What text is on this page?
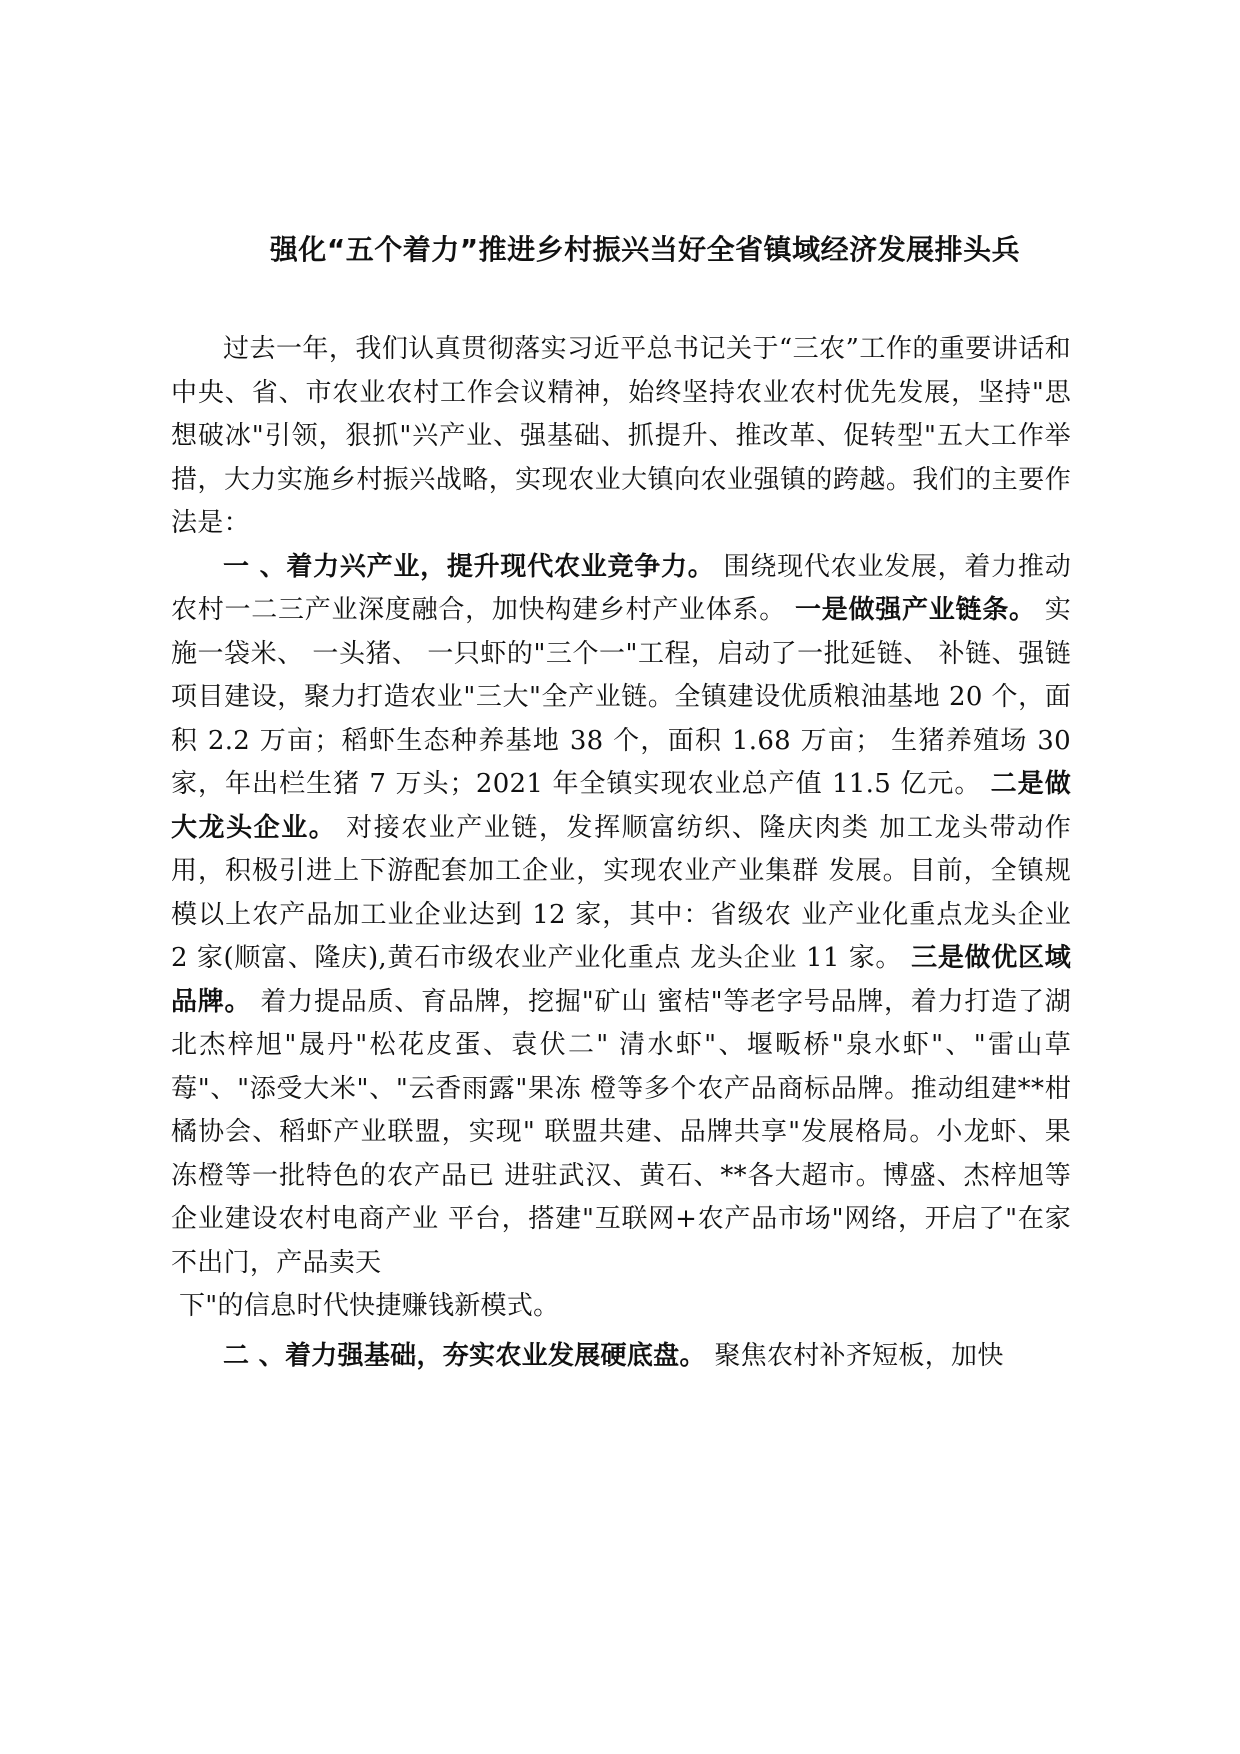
强化“五个着力”推进乡村振兴当好全省镇域经济发展排头兵

过去一年，我们认真贯彻落实习近平总书记关于“三农”工作的重要讲话和中央、省、市农业农村工作会议精神，始终坚持农业农村优先发展，坚持"思想破冰"引领，狠抓"兴产业、强基础、抓提升、推改革、促转型"五大工作举措，大力实施乡村振兴战略，实现农业大镇向农业强镇的跨越。我们的主要作法是：

一 、着力兴产业，提升现代农业竞争力。 围绕现代农业发展，着力推动农村一二三产业深度融合，加快构建乡村产业体系。 一是做强产业链条。 实施一袋米、 一头猪、 一只虾的"三个一"工程，启动了一批延链、 补链、强链项目建设，聚力打造农业"三大"全产业链。全镇建设优质粮油基地 20 个，面积 2.2 万亩；稻虾生态种养基地 38 个，面积 1.68 万亩； 生猪养殖场 30 家，年出栏生猪 7 万头；2021 年全镇实现农业总产值 11.5 亿元。 二是做大龙头企业。 对接农业产业链，发挥顺富纺织、隆庆肉类 加工龙头带动作用，积极引进上下游配套加工企业，实现农业产业集群 发展。目前，全镇规模以上农产品加工业企业达到 12 家，其中：省级农 业产业化重点龙头企业 2 家(顺富、隆庆),黄石市级农业产业化重点 龙头企业 11 家。 三是做优区域品牌。 着力提品质、育品牌，挖掘"矿山 蜜桔"等老字号品牌，着力打造了湖北杰梓旭"晟丹"松花皮蛋、袁伏二" 清水虾"、堰畈桥"泉水虾"、"雷山草莓"、"添受大米"、"云香雨露"果冻 橙等多个农产品商标品牌。推动组建**柑橘协会、稻虾产业联盟，实现" 联盟共建、品牌共享"发展格局。小龙虾、果冻橙等一批特色的农产品已 进驻武汉、黄石、**各大超市。博盛、杰梓旭等企业建设农村电商产业 平台，搭建"互联网+农产品市场"网络，开启了"在家不出门，产品卖天

下"的信息时代快捷赚钱新模式。

二 、着力强基础，夯实农业发展硬底盘。 聚焦农村补齐短板，加快
